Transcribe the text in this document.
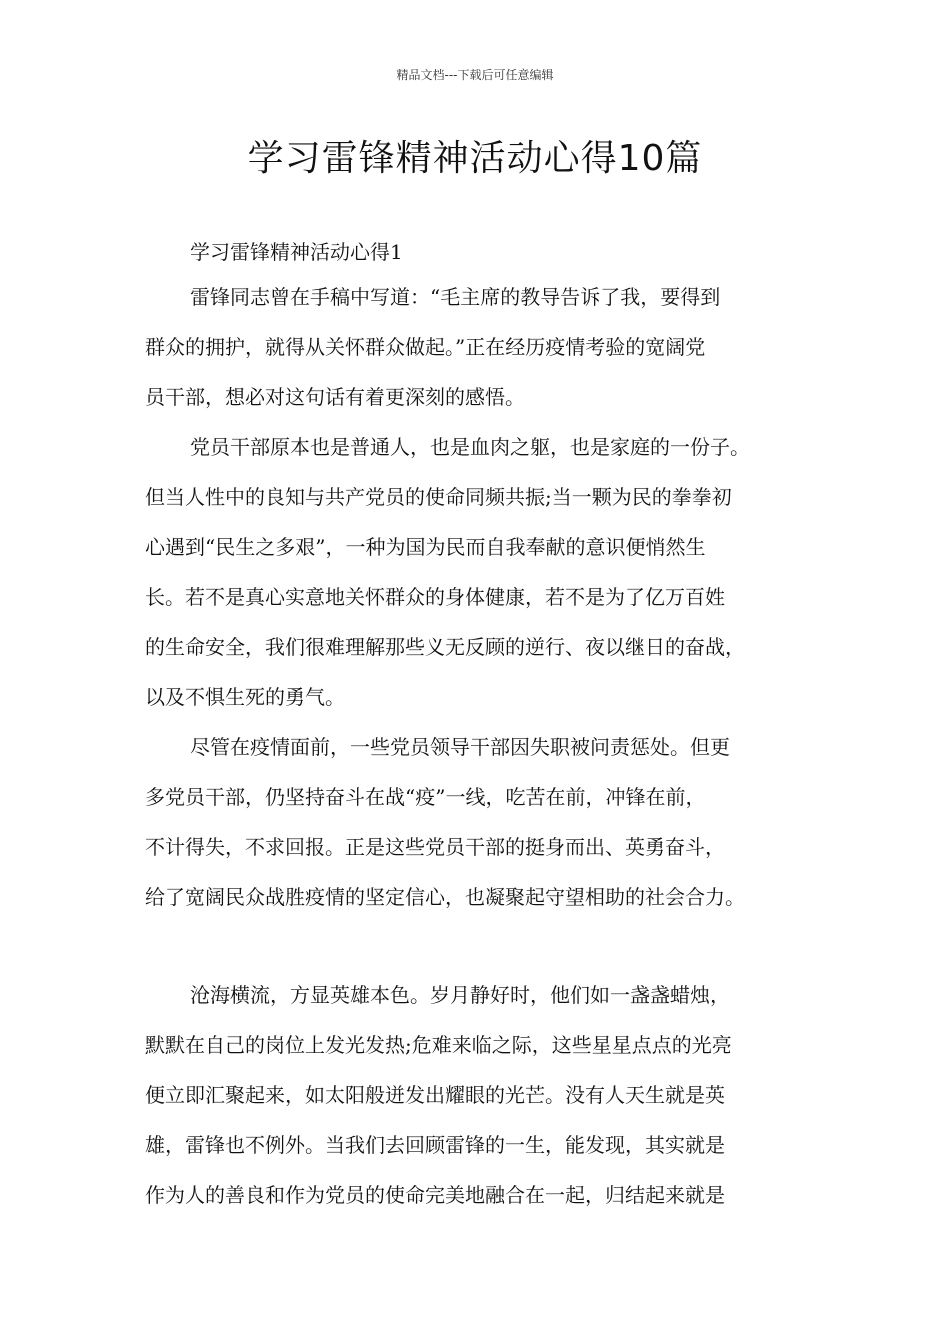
精品文档---下载后可任意编辑
学习雷锋精神活动心得10篇

学习雷锋精神活动心得1

雷锋同志曾在手稿中写道：“毛主席的教导告诉了我，要得到
群众的拥护，就得从关怀群众做起。”正在经历疫情考验的宽阔党
员干部，想必对这句话有着更深刻的感悟。

党员干部原本也是普通人，也是血肉之躯，也是家庭的一份子。
但当人性中的良知与共产党员的使命同频共振;当一颗为民的拳拳初
心遇到“民生之多艰”，一种为国为民而自我奉献的意识便悄然生
长。若不是真心实意地关怀群众的身体健康，若不是为了亿万百姓
的生命安全，我们很难理解那些义无反顾的逆行、夜以继日的奋战，
以及不惧生死的勇气。

尽管在疫情面前，一些党员领导干部因失职被问责惩处。但更
多党员干部，仍坚持奋斗在战“疫”一线，吃苦在前，冲锋在前，
不计得失，不求回报。正是这些党员干部的挺身而出、英勇奋斗，
给了宽阔民众战胜疫情的坚定信心，也凝聚起守望相助的社会合力。

沧海横流，方显英雄本色。岁月静好时，他们如一盏盏蜡烛，
默默在自己的岗位上发光发热;危难来临之际，这些星星点点的光亮
便立即汇聚起来，如太阳般迸发出耀眼的光芒。没有人天生就是英
雄，雷锋也不例外。当我们去回顾雷锋的一生，能发现，其实就是
作为人的善良和作为党员的使命完美地融合在一起，归结起来就是
